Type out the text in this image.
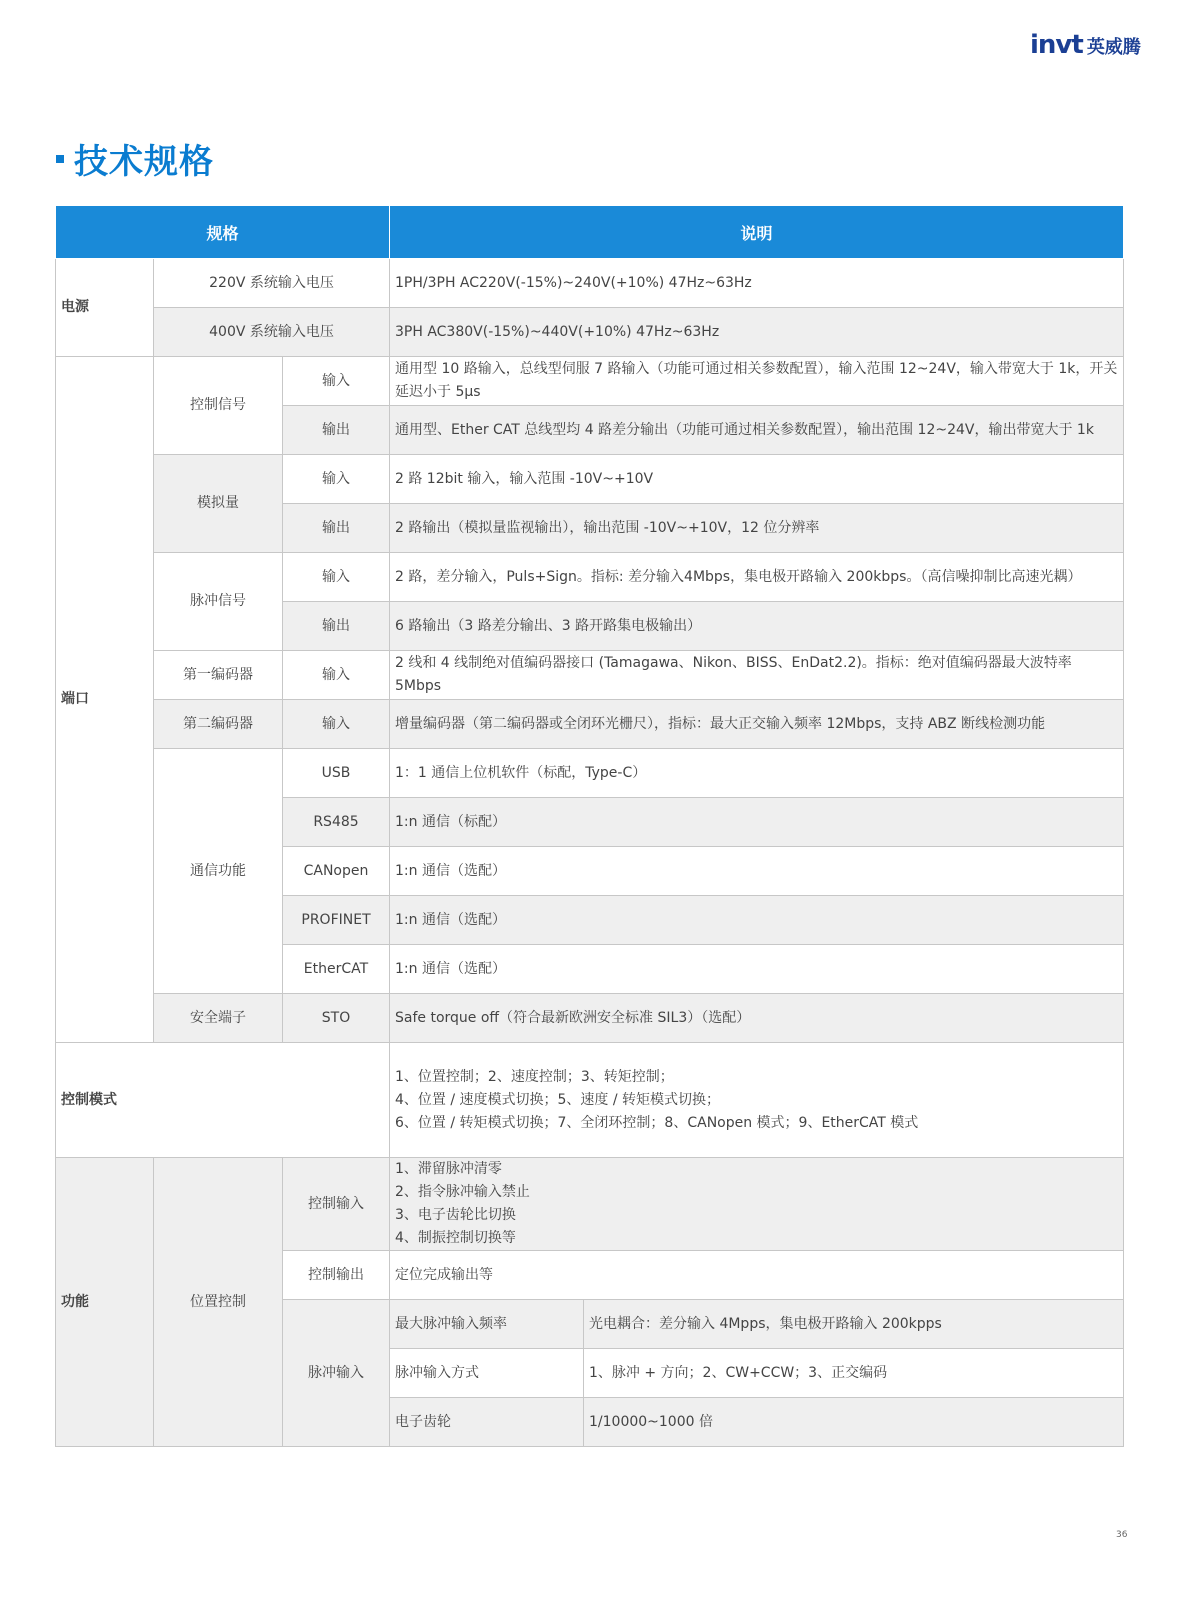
invt 英威腾
技术规格
规格			说明	
电源	220V 系统输入电压		1PH/3PH AC220V(-15%)~240V(+10%) 47Hz~63Hz	
	400V 系统输入电压		3PH AC380V(-15%)~440V(+10%) 47Hz~63Hz	
端口	控制信号	输入	通用型 10 路输入，总线型伺服 7 路输入（功能可通过相关参数配置），输入范围 12~24V，输入带宽大于 1k，开关延迟小于 5µs	
		输出	通用型、Ether CAT 总线型均 4 路差分输出（功能可通过相关参数配置），输出范围 12~24V，输出带宽大于 1k	
	模拟量	输入	2 路 12bit 输入，输入范围 -10V~+10V	
		输出	2 路输出（模拟量监视输出），输出范围 -10V~+10V，12 位分辨率	
	脉冲信号	输入	2 路，差分输入，Puls+Sign。指标: 差分输入4Mbps，集电极开路输入 200kbps。（高信噪抑制比高速光耦）	
		输出	6 路输出（3 路差分输出、3 路开路集电极输出）	
	第一编码器	输入	2 线和 4 线制绝对值编码器接口 (Tamagawa、Nikon、BISS、EnDat2.2)。指标：绝对值编码器最大波特率 5Mbps	
	第二编码器	输入	增量编码器（第二编码器或全闭环光栅尺），指标：最大正交输入频率 12Mbps，支持 ABZ 断线检测功能	
	通信功能	USB	1：1 通信上位机软件（标配，Type-C）	
		RS485	1:n 通信（标配）	
		CANopen	1:n 通信（选配）	
		PROFINET	1:n 通信（选配）	
		EtherCAT	1:n 通信（选配）	
	安全端子	STO	Safe torque off（符合最新欧洲安全标准 SIL3）（选配）	
控制模式			1、位置控制；2、速度控制；3、转矩控制；
4、位置 / 速度模式切换；5、速度 / 转矩模式切换；
6、位置 / 转矩模式切换；7、全闭环控制；8、CANopen 模式；9、EtherCAT 模式	

功能	位置控制	控制输入	1、滞留脉冲清零
2、指令脉冲输入禁止
3、电子齿轮比切换
4、制振控制切换等	

		控制输出	定位完成输出等	
		脉冲输入	最大脉冲输入频率	光电耦合：差分输入 4Mpps，集电极开路输入 200kpps
			脉冲输入方式	1、脉冲 + 方向；2、CW+CCW；3、正交编码
			电子齿轮	1/10000~1000 倍
36
